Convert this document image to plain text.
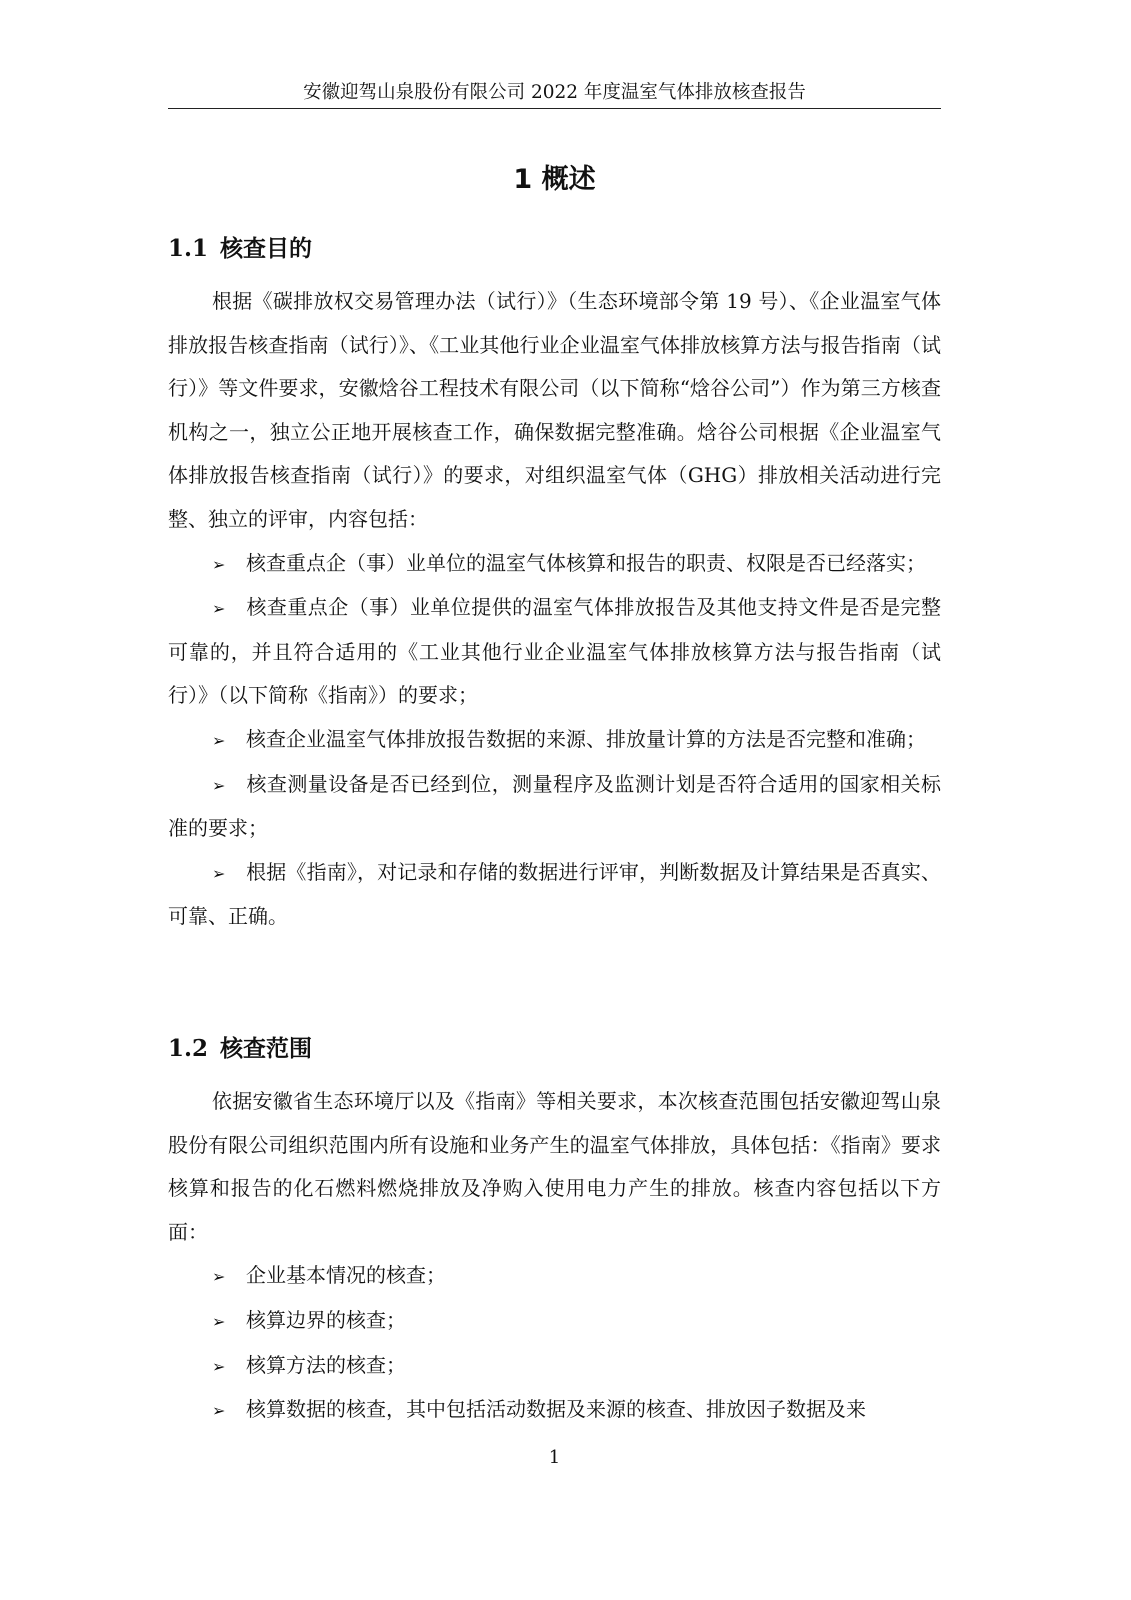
安徽迎驾山泉股份有限公司 2022 年度温室气体排放核查报告
1 概述
1.1 核查目的

根据《碳排放权交易管理办法（试行）》（生态环境部令第 19 号）、《企业温室气体排放报告核查指南（试行）》、《工业其他行业企业温室气体排放核算方法与报告指南（试行）》等文件要求，安徽焓谷工程技术有限公司（以下简称“焓谷公司”）作为第三方核查机构之一，独立公正地开展核查工作，确保数据完整准确。焓谷公司根据《企业温室气体排放报告核查指南（试行）》的要求，对组织温室气体（GHG）排放相关活动进行完整、独立的评审，内容包括：

➢ 核查重点企（事）业单位的温室气体核算和报告的职责、权限是否已经落实；

➢ 核查重点企（事）业单位提供的温室气体排放报告及其他支持文件是否是完整可靠的，并且符合适用的《工业其他行业企业温室气体排放核算方法与报告指南（试行）》（以下简称《指南》）的要求；

➢ 核查企业温室气体排放报告数据的来源、排放量计算的方法是否完整和准确；

➢ 核查测量设备是否已经到位，测量程序及监测计划是否符合适用的国家相关标准的要求；

➢ 根据《指南》，对记录和存储的数据进行评审，判断数据及计算结果是否真实、可靠、正确。

1.2 核查范围

依据安徽省生态环境厅以及《指南》等相关要求，本次核查范围包括安徽迎驾山泉股份有限公司组织范围内所有设施和业务产生的温室气体排放，具体包括：《指南》要求核算和报告的化石燃料燃烧排放及净购入使用电力产生的排放。核查内容包括以下方面：

➢ 企业基本情况的核查；

➢ 核算边界的核查；

➢ 核算方法的核查；

➢ 核算数据的核查，其中包括活动数据及来源的核查、排放因子数据及来

1
